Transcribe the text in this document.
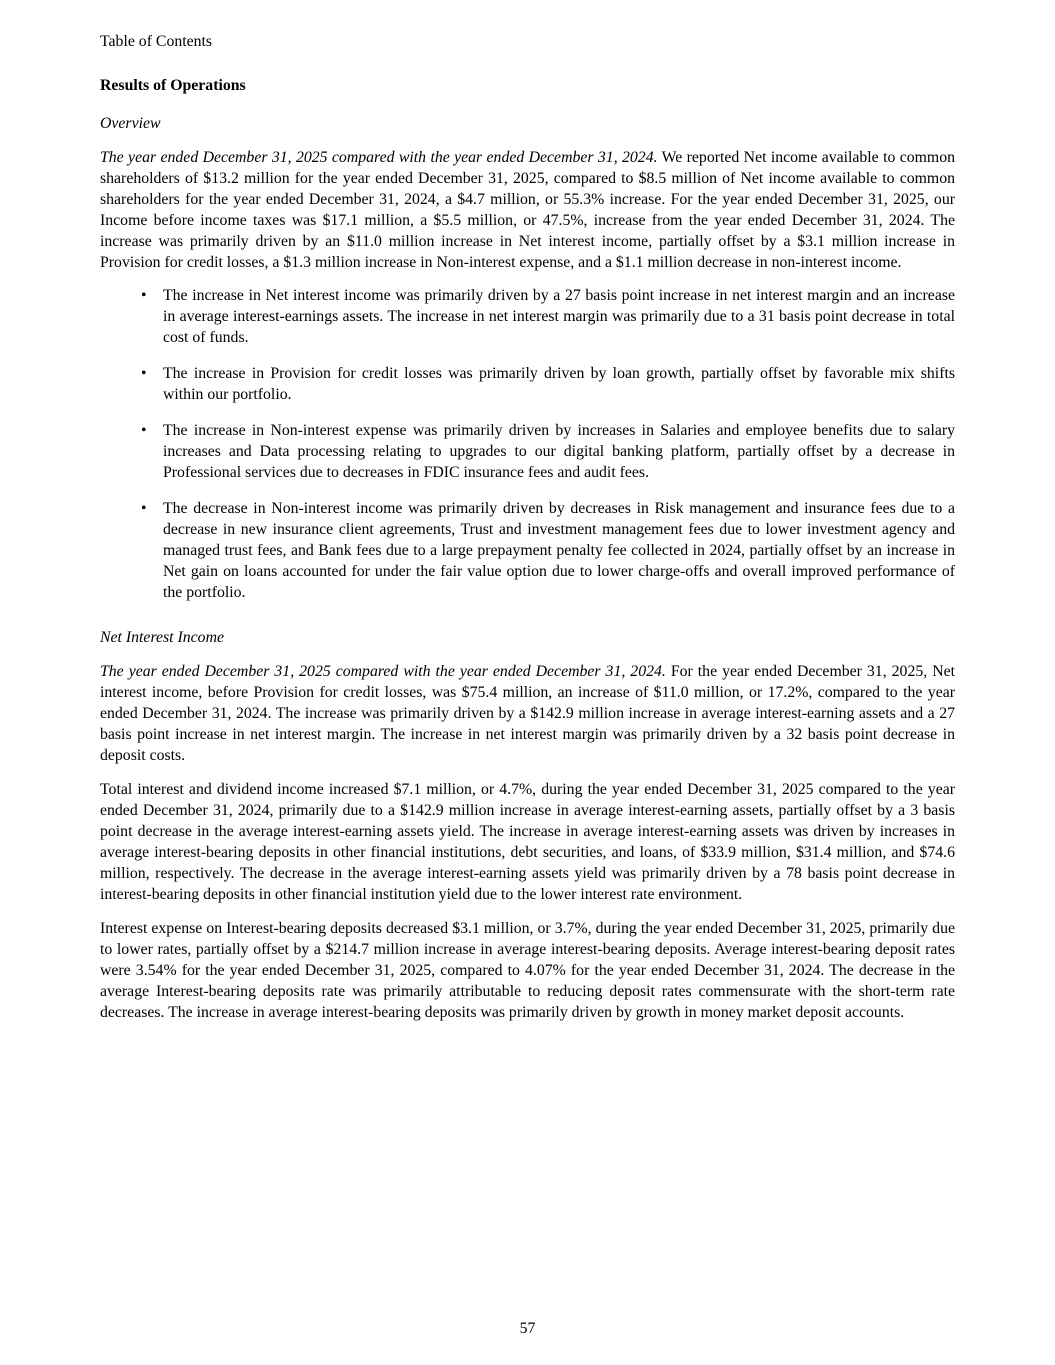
Table of Contents
Results of Operations
Overview

The year ended December 31, 2025 compared with the year ended December 31, 2024. We reported Net income available to common shareholders of $13.2 million for the year ended December 31, 2025, compared to $8.5 million of Net income available to common shareholders for the year ended December 31, 2024, a $4.7 million, or 55.3% increase. For the year ended December 31, 2025, our Income before income taxes was $17.1 million, a $5.5 million, or 47.5%, increase from the year ended December 31, 2024. The increase was primarily driven by an $11.0 million increase in Net interest income, partially offset by a $3.1 million increase in Provision for credit losses, a $1.3 million increase in Non-interest expense, and a $1.1 million decrease in non-interest income.

• The increase in Net interest income was primarily driven by a 27 basis point increase in net interest margin and an increase in average interest-earnings assets. The increase in net interest margin was primarily due to a 31 basis point decrease in total cost of funds.
• The increase in Provision for credit losses was primarily driven by loan growth, partially offset by favorable mix shifts within our portfolio.
• The increase in Non-interest expense was primarily driven by increases in Salaries and employee benefits due to salary increases and Data processing relating to upgrades to our digital banking platform, partially offset by a decrease in Professional services due to decreases in FDIC insurance fees and audit fees.
• The decrease in Non-interest income was primarily driven by decreases in Risk management and insurance fees due to a decrease in new insurance client agreements, Trust and investment management fees due to lower investment agency and managed trust fees, and Bank fees due to a large prepayment penalty fee collected in 2024, partially offset by an increase in Net gain on loans accounted for under the fair value option due to lower charge-offs and overall improved performance of the portfolio.
Net Interest Income

The year ended December 31, 2025 compared with the year ended December 31, 2024. For the year ended December 31, 2025, Net interest income, before Provision for credit losses, was $75.4 million, an increase of $11.0 million, or 17.2%, compared to the year ended December 31, 2024. The increase was primarily driven by a $142.9 million increase in average interest-earning assets and a 27 basis point increase in net interest margin. The increase in net interest margin was primarily driven by a 32 basis point decrease in deposit costs.

Total interest and dividend income increased $7.1 million, or 4.7%, during the year ended December 31, 2025 compared to the year ended December 31, 2024, primarily due to a $142.9 million increase in average interest-earning assets, partially offset by a 3 basis point decrease in the average interest-earning assets yield. The increase in average interest-earning assets was driven by increases in average interest-bearing deposits in other financial institutions, debt securities, and loans, of $33.9 million, $31.4 million, and $74.6 million, respectively. The decrease in the average interest-earning assets yield was primarily driven by a 78 basis point decrease in interest-bearing deposits in other financial institution yield due to the lower interest rate environment.

Interest expense on Interest-bearing deposits decreased $3.1 million, or 3.7%, during the year ended December 31, 2025, primarily due to lower rates, partially offset by a $214.7 million increase in average interest-bearing deposits. Average interest-bearing deposit rates were 3.54% for the year ended December 31, 2025, compared to 4.07% for the year ended December 31, 2024. The decrease in the average Interest-bearing deposits rate was primarily attributable to reducing deposit rates commensurate with the short-term rate decreases. The increase in average interest-bearing deposits was primarily driven by growth in money market deposit accounts.

57
